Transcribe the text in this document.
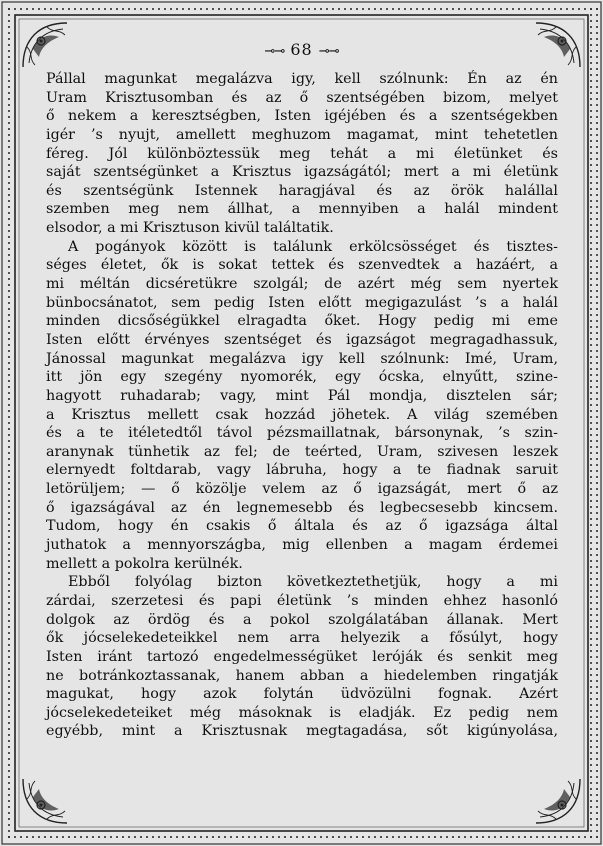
⊸⊸ 68 ⊸⊸
Pállal magunkat megalázva igy, kell szólnunk: Én az én
Uram Krisztusomban és az ő szentségében bizom, melyet
ő nekem a keresztségben, Isten igéjében és a szentségekben
igér ’s nyujt, amellett meghuzom magamat, mint tehetetlen
féreg. Jól különböztessük meg tehát a mi életünket és
saját szentségünket a Krisztus igazságától; mert a mi életünk
és szentségünk Istennek haragjával és az örök halállal
szemben meg nem állhat, a mennyiben a halál mindent
elsodor, a mi Krisztuson kivül találtatik.
A pogányok között is találunk erkölcsösséget és tisztes-
séges életet, ők is sokat tettek és szenvedtek a hazáért, a
mi méltán dicséretükre szolgál; de azért még sem nyertek
bünbocsánatot, sem pedig Isten előtt megigazulást ’s a halál
minden dicsőségükkel elragadta őket. Hogy pedig mi eme
Isten előtt érvényes szentséget és igazságot megragadhassuk,
Jánossal magunkat megalázva igy kell szólnunk: Imé, Uram,
itt jön egy szegény nyomorék, egy ócska, elnyűtt, szine-
hagyott ruhadarab; vagy, mint Pál mondja, disztelen sár;
a Krisztus mellett csak hozzád jöhetek. A világ szemében
és a te itéletedtől távol pézsmaillatnak, bársonynak, ’s szin-
aranynak tünhetik az fel; de teérted, Uram, szivesen leszek
elernyedt foltdarab, vagy lábruha, hogy a te fiadnak saruit
letörüljem; — ő közölje velem az ő igazságát, mert ő az
ő igazságával az én legnemesebb és legbecsesebb kincsem.
Tudom, hogy én csakis ő általa és az ő igazsága által
juthatok a mennyországba, mig ellenben a magam érdemei
mellett a pokolra kerülnék.
Ebből folyólag bizton következtethetjük, hogy a mi
zárdai, szerzetesi és papi életünk ’s minden ehhez hasonló
dolgok az ördög és a pokol szolgálatában állanak. Mert
ők jócselekedeteikkel nem arra helyezik a fősúlyt, hogy
Isten iránt tartozó engedelmességüket leróják és senkit meg
ne botránkoztassanak, hanem abban a hiedelemben ringatják
magukat, hogy azok folytán üdvözülni fognak. Azért
jócselekedeteiket még másoknak is eladják. Ez pedig nem
egyébb, mint a Krisztusnak megtagadása, sőt kigúnyolása,
